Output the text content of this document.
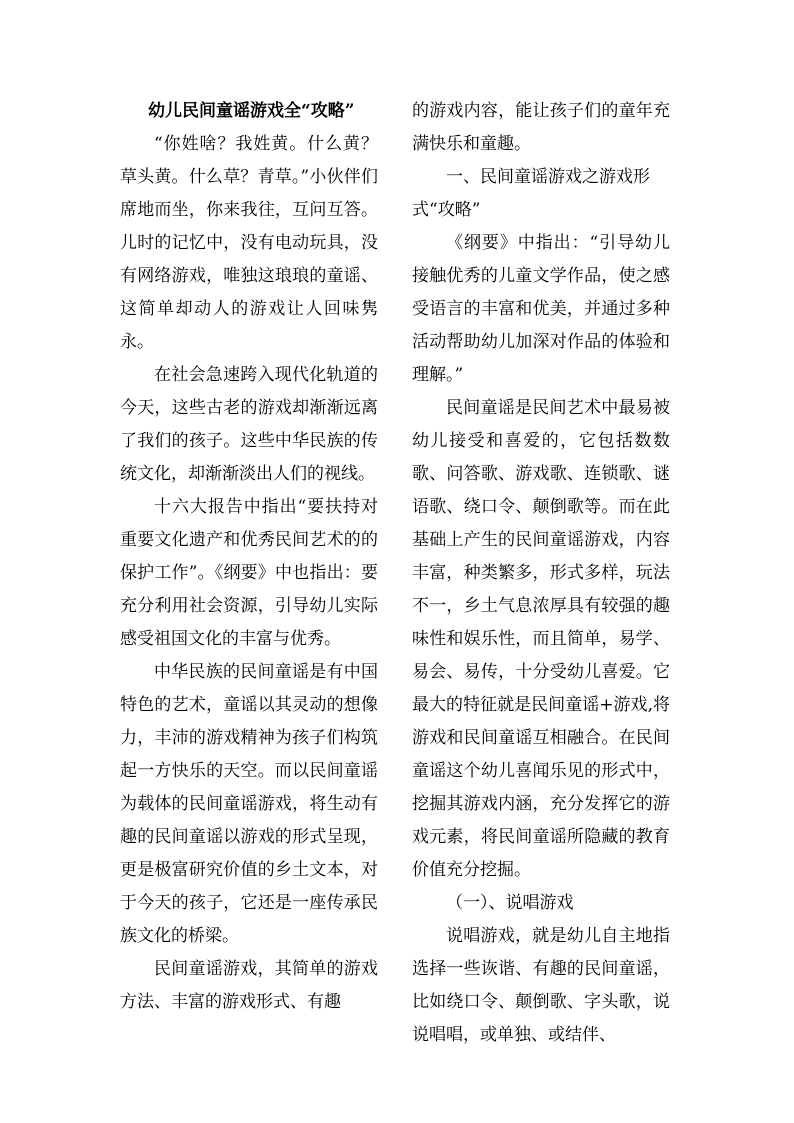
幼儿民间童谣游戏全“攻略”

“你姓啥？我姓黄。什么黄？草头黄。什么草？青草。”小伙伴们席地而坐，你来我往，互问互答。儿时的记忆中，没有电动玩具，没有网络游戏，唯独这琅琅的童谣、这简单却动人的游戏让人回味隽永。

在社会急速跨入现代化轨道的今天，这些古老的游戏却渐渐远离了我们的孩子。这些中华民族的传统文化，却渐渐淡出人们的视线。

十六大报告中指出“要扶持对重要文化遗产和优秀民间艺术的的保护工作”。《纲要》中也指出：要充分利用社会资源，引导幼儿实际感受祖国文化的丰富与优秀。

中华民族的民间童谣是有中国特色的艺术，童谣以其灵动的想像力，丰沛的游戏精神为孩子们构筑起一方快乐的天空。而以民间童谣为载体的民间童谣游戏，将生动有趣的民间童谣以游戏的形式呈现，更是极富研究价值的乡土文本，对于今天的孩子，它还是一座传承民族文化的桥梁。

民间童谣游戏，其简单的游戏方法、丰富的游戏形式、有趣

的游戏内容，能让孩子们的童年充满快乐和童趣。

一、民间童谣游戏之游戏形式“攻略”

《纲要》中指出：“引导幼儿接触优秀的儿童文学作品，使之感受语言的丰富和优美，并通过多种活动帮助幼儿加深对作品的体验和理解。”

民间童谣是民间艺术中最易被幼儿接受和喜爱的，它包括数数歌、问答歌、游戏歌、连锁歌、谜语歌、绕口令、颠倒歌等。而在此基础上产生的民间童谣游戏，内容丰富，种类繁多，形式多样，玩法不一，乡土气息浓厚具有较强的趣味性和娱乐性，而且简单，易学、易会、易传，十分受幼儿喜爱。它最大的特征就是民间童谣+游戏,将游戏和民间童谣互相融合。在民间童谣这个幼儿喜闻乐见的形式中，挖掘其游戏内涵，充分发挥它的游戏元素，将民间童谣所隐藏的教育价值充分挖掘。

（一）、说唱游戏

说唱游戏，就是幼儿自主地指选择一些诙谐、有趣的民间童谣，比如绕口令、颠倒歌、字头歌，说说唱唱，或单独、或结伴、
